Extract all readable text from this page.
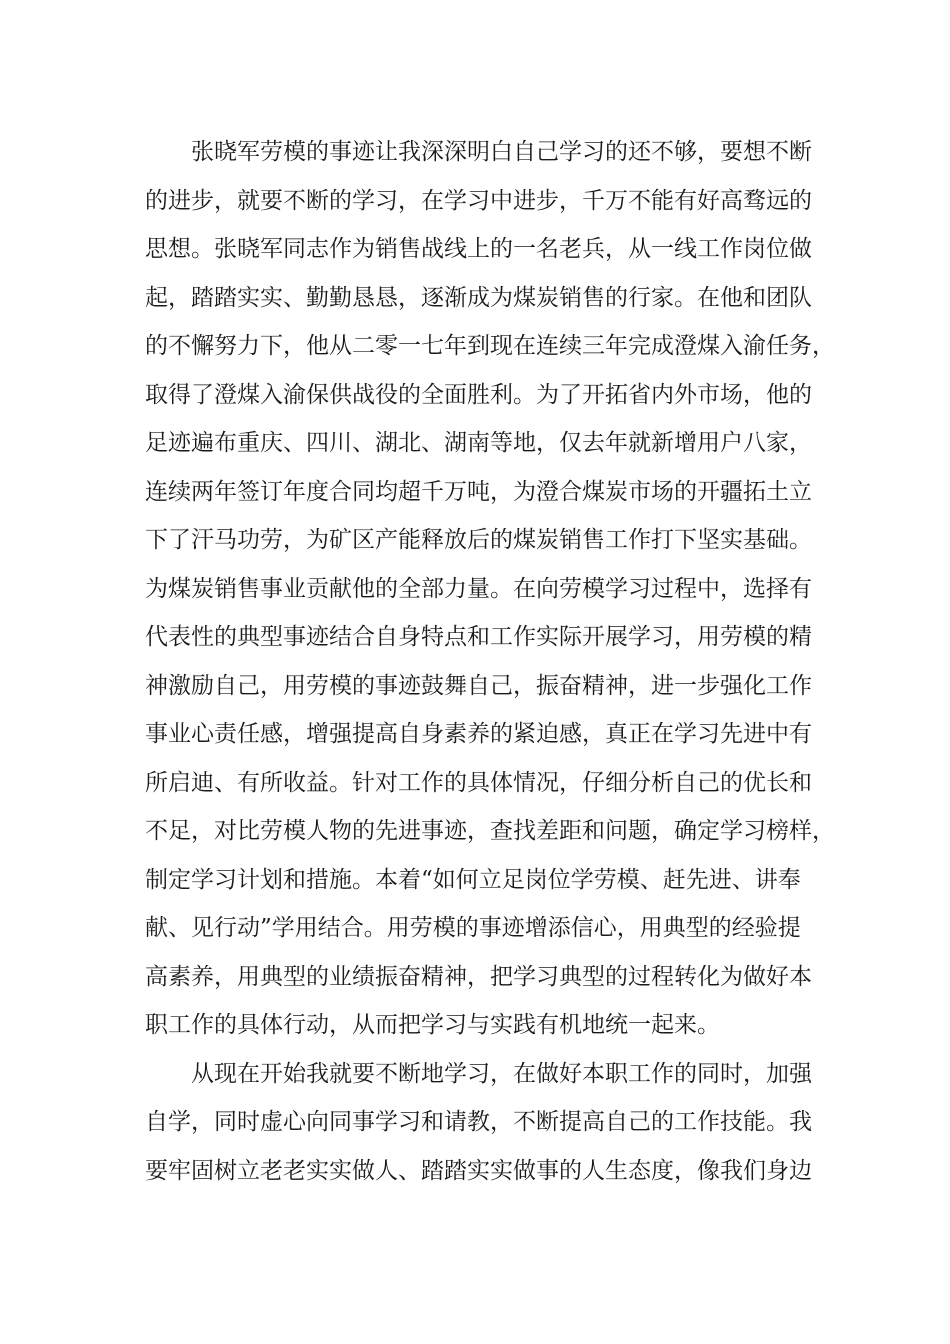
张晓军劳模的事迹让我深深明白自己学习的还不够，要想不断
的进步，就要不断的学习，在学习中进步，千万不能有好高骛远的
思想。张晓军同志作为销售战线上的一名老兵，从一线工作岗位做
起，踏踏实实、勤勤恳恳，逐渐成为煤炭销售的行家。在他和团队
的不懈努力下，他从二零一七年到现在连续三年完成澄煤入渝任务，
取得了澄煤入渝保供战役的全面胜利。为了开拓省内外市场，他的
足迹遍布重庆、四川、湖北、湖南等地，仅去年就新增用户八家，
连续两年签订年度合同均超千万吨，为澄合煤炭市场的开疆拓土立
下了汗马功劳，为矿区产能释放后的煤炭销售工作打下坚实基础。
为煤炭销售事业贡献他的全部力量。在向劳模学习过程中，选择有
代表性的典型事迹结合自身特点和工作实际开展学习，用劳模的精
神激励自己，用劳模的事迹鼓舞自己，振奋精神，进一步强化工作
事业心责任感，增强提高自身素养的紧迫感，真正在学习先进中有
所启迪、有所收益。针对工作的具体情况，仔细分析自己的优长和
不足，对比劳模人物的先进事迹，查找差距和问题，确定学习榜样，
制定学习计划和措施。本着“如何立足岗位学劳模、赶先进、讲奉
献、见行动”学用结合。用劳模的事迹增添信心，用典型的经验提
高素养，用典型的业绩振奋精神，把学习典型的过程转化为做好本
职工作的具体行动，从而把学习与实践有机地统一起来。
从现在开始我就要不断地学习，在做好本职工作的同时，加强
自学，同时虚心向同事学习和请教，不断提高自己的工作技能。我
要牢固树立老老实实做人、踏踏实实做事的人生态度，像我们身边
